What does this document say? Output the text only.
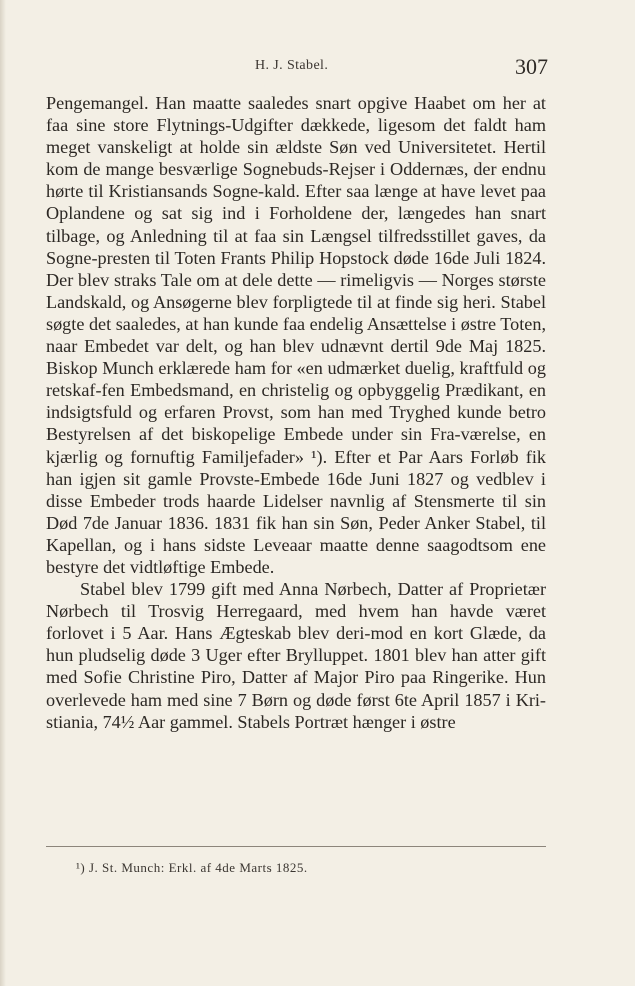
H. J. Stabel.	307

Pengemangel. Han maatte saaledes snart opgive Haabet om her at faa sine store Flytnings-Udgifter dækkede, ligesom det faldt ham meget vanskeligt at holde sin ældste Søn ved Universitetet. Hertil kom de mange besværlige Sognebuds-Rejser i Oddernæs, der endnu hørte til Kristiansands Sogne-kald. Efter saa længe at have levet paa Oplandene og sat sig ind i Forholdene der, længedes han snart tilbage, og Anledning til at faa sin Længsel tilfredsstillet gaves, da Sogne-presten til Toten Frants Philip Hopstock døde 16de Juli 1824. Der blev straks Tale om at dele dette — rimeligvis — Norges største Landskald, og Ansøgerne blev forpligtede til at finde sig heri. Stabel søgte det saaledes, at han kunde faa endelig Ansættelse i østre Toten, naar Embedet var delt, og han blev udnævnt dertil 9de Maj 1825. Biskop Munch erklærede ham for «en udmærket duelig, kraftfuld og retskaf-fen Embedsmand, en christelig og opbyggelig Prædikant, en indsigtsfuld og erfaren Provst, som han med Tryghed kunde betro Bestyrelsen af det biskopelige Embede under sin Fra-værelse, en kjærlig og fornuftig Familjefader» ¹). Efter et Par Aars Forløb fik han igjen sit gamle Provste-Embede 16de Juni 1827 og vedblev i disse Embeder trods haarde Lidelser navnlig af Stensmerte til sin Død 7de Januar 1836. 1831 fik han sin Søn, Peder Anker Stabel, til Kapellan, og i hans sidste Leveaar maatte denne saagodtsom ene bestyre det vidtløftige Embede.

Stabel blev 1799 gift med Anna Nørbech, Datter af Proprietær Nørbech til Trosvig Herregaard, med hvem han havde været forlovet i 5 Aar. Hans Ægteskab blev deri-mod en kort Glæde, da hun pludselig døde 3 Uger efter Brylluppet. 1801 blev han atter gift med Sofie Christine Piro, Datter af Major Piro paa Ringerike. Hun overlevede ham med sine 7 Børn og døde først 6te April 1857 i Kri-stiania, 74½ Aar gammel. Stabels Portræt hænger i østre

¹) J. St. Munch: Erkl. af 4de Marts 1825.
